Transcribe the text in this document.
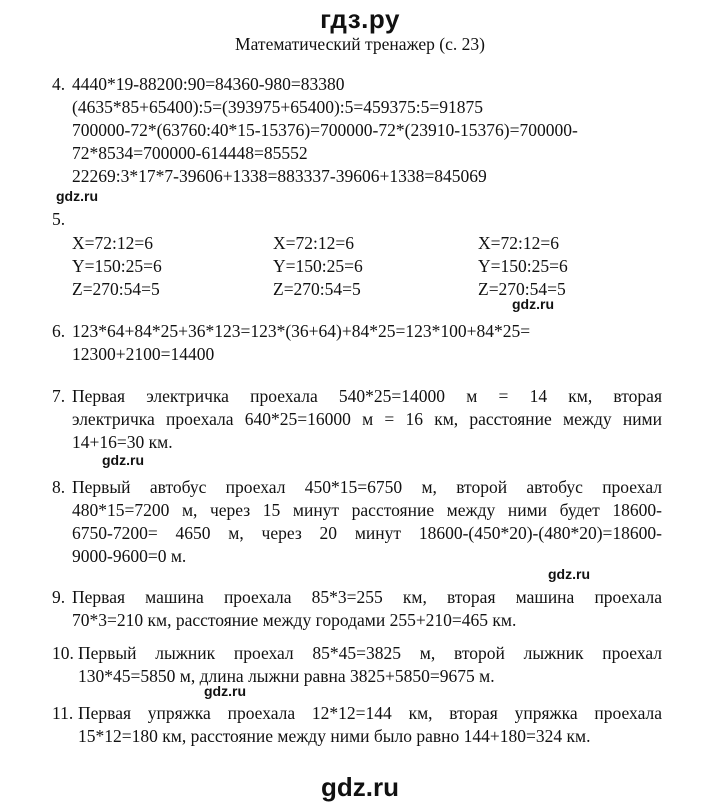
гдз.ру
Математический тренажер (с. 23)
4. 4440*19-88200:90=84360-980=83380
(4635*85+65400):5=(393975+65400):5=459375:5=91875
700000-72*(63760:40*15-15376)=700000-72*(23910-15376)=700000-
72*8534=700000-614448=85552
22269:3*17*7-39606+1338=883337-39606+1338=845069
gdz.ru
5.
X=72:12=6
Y=150:25=6
Z=270:54=5
X=72:12=6
Y=150:25=6
Z=270:54=5
X=72:12=6
Y=150:25=6
Z=270:54=5
gdz.ru
6. 123*64+84*25+36*123=123*(36+64)+84*25=123*100+84*25=
12300+2100=14400
7. Первая электричка проехала 540*25=14000 м = 14 км, вторая
электричка проехала 640*25=16000 м = 16 км, расстояние между ними
14+16=30 км.
gdz.ru
8. Первый автобус проехал 450*15=6750 м, второй автобус проехал
480*15=7200 м, через 15 минут расстояние между ними будет 18600-
6750-7200= 4650 м, через 20 минут 18600-(450*20)-(480*20)=18600-
9000-9600=0 м.
gdz.ru
9. Первая машина проехала 85*3=255 км, вторая машина проехала
70*3=210 км, расстояние между городами 255+210=465 км.
10. Первый лыжник проехал 85*45=3825 м, второй лыжник проехал
130*45=5850 м, длина лыжни равна 3825+5850=9675 м.
gdz.ru
11. Первая упряжка проехала 12*12=144 км, вторая упряжка проехала
15*12=180 км, расстояние между ними было равно 144+180=324 км.
gdz.ru
